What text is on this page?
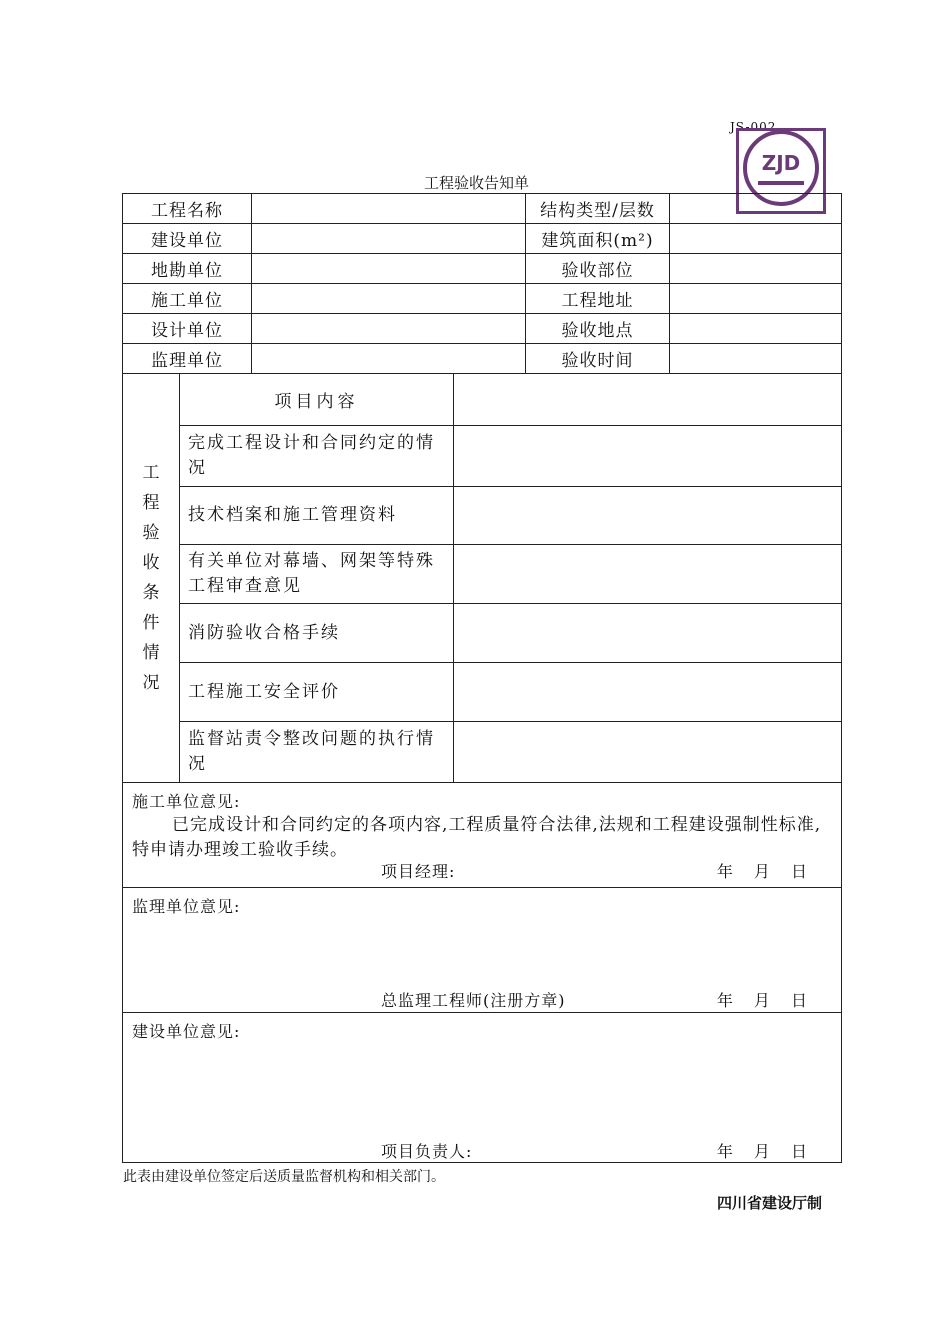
JS-002
ZJD
工程验收告知单
工程名称				结构类型/层数	
建设单位				建筑面积(m²)	
地勘单位				验收部位	
施工单位				工程地址	
设计单位				验收地点	
监理单位				验收时间	

工程验收条件情况	项目内容				
	完成工程设计和合同约定的情况				
	技术档案和施工管理资料				
	有关单位对幕墙、网架等特殊工程审查意见				
	消防验收合格手续				
	工程施工安全评价				
	监督站责令整改问题的执行情况				

施工单位意见:
已完成设计和合同约定的各项内容,工程质量符合法律,法规和工程建设强制性标准,特申请办理竣工验收手续。
项目经理: 年 月 日					

监理单位意见:
总监理工程师(注册方章) 年 月 日					

建设单位意见:
项目负责人: 年 月 日					
此表由建设单位签定后送质量监督机构和相关部门。
四川省建设厅制
